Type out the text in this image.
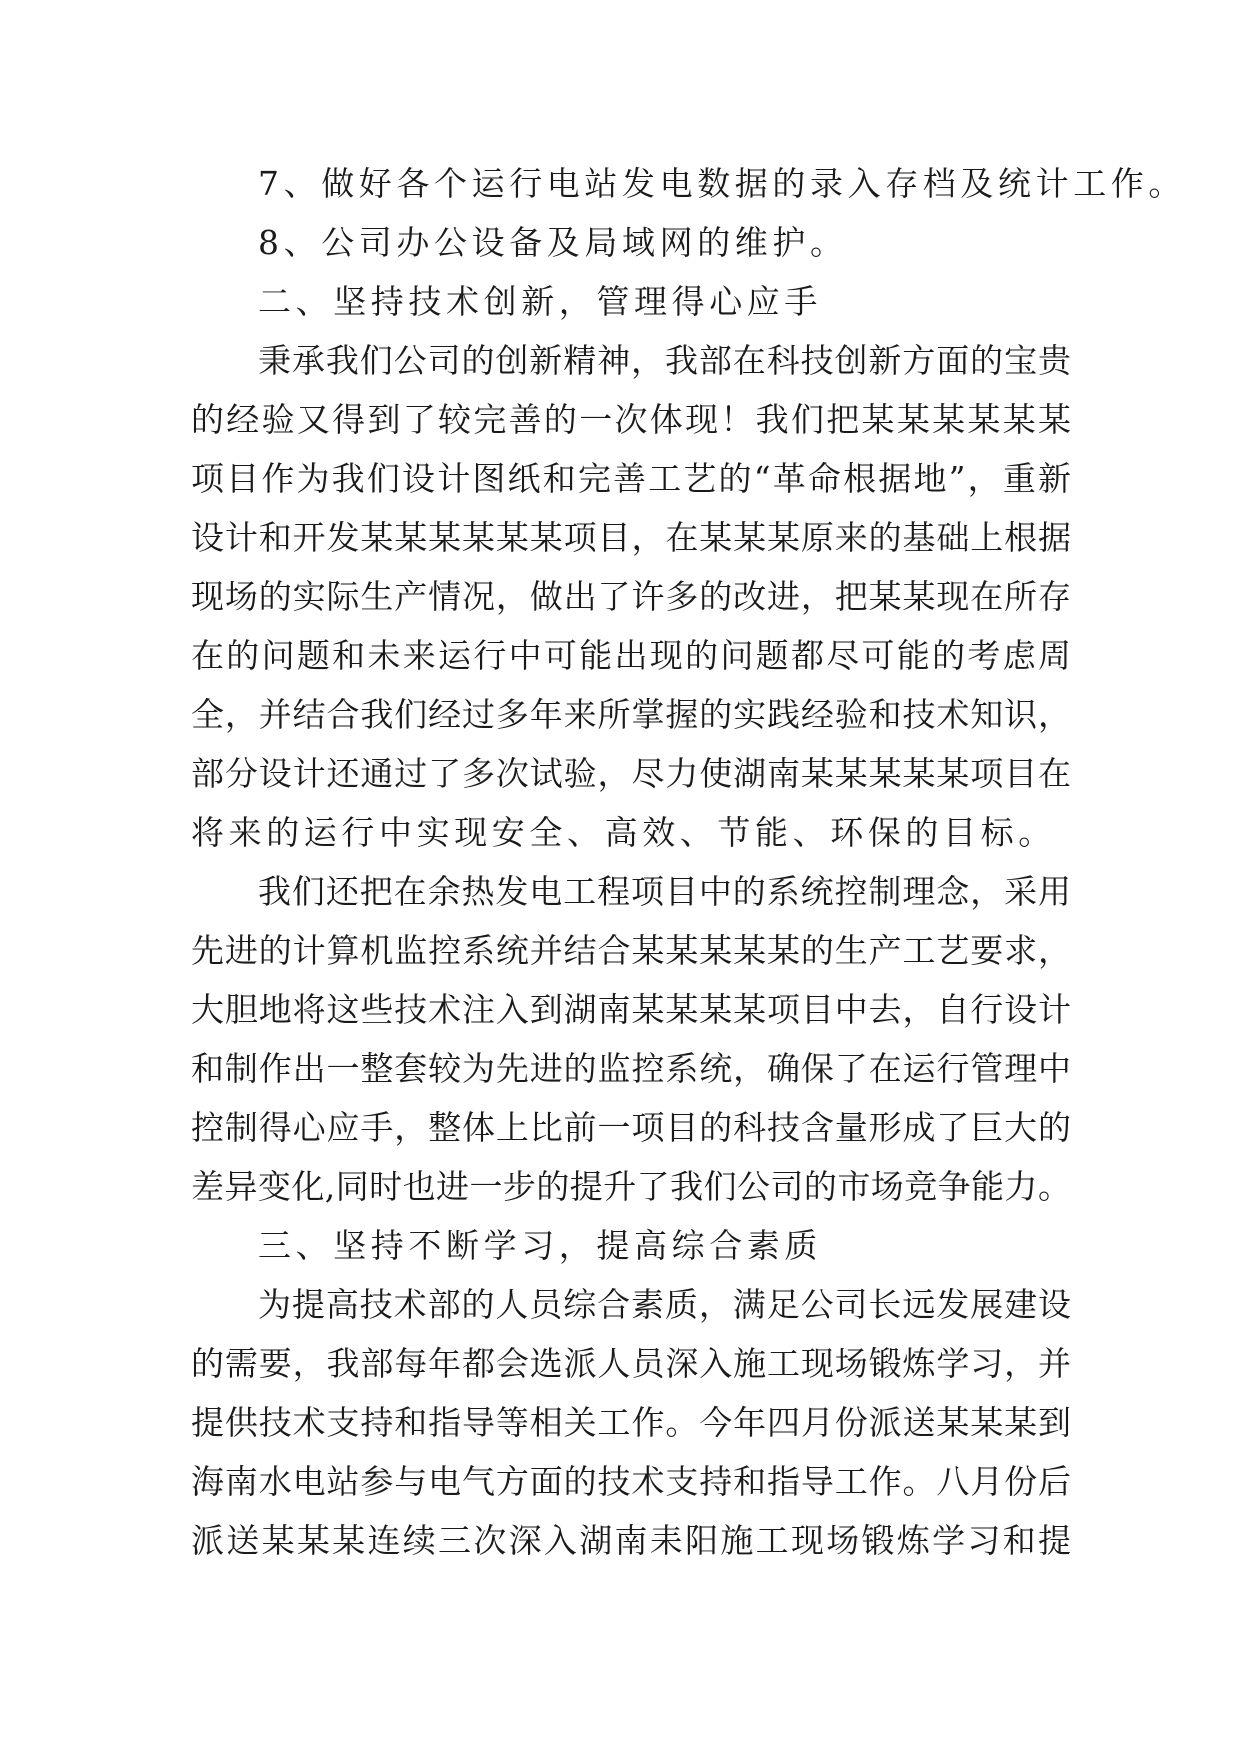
7、做好各个运行电站发电数据的录入存档及统计工作。
8、公司办公设备及局域网的维护。
二、坚持技术创新，管理得心应手
秉承我们公司的创新精神，我部在科技创新方面的宝贵
的经验又得到了较完善的一次体现！我们把某某某某某某
项目作为我们设计图纸和完善工艺的“革命根据地”，重新
设计和开发某某某某某某项目，在某某某原来的基础上根据
现场的实际生产情况，做出了许多的改进，把某某现在所存
在的问题和未来运行中可能出现的问题都尽可能的考虑周
全，并结合我们经过多年来所掌握的实践经验和技术知识，
部分设计还通过了多次试验，尽力使湖南某某某某某项目在
将来的运行中实现安全、高效、节能、环保的目标。
我们还把在余热发电工程项目中的系统控制理念，采用
先进的计算机监控系统并结合某某某某某的生产工艺要求，
大胆地将这些技术注入到湖南某某某某项目中去，自行设计
和制作出一整套较为先进的监控系统，确保了在运行管理中
控制得心应手，整体上比前一项目的科技含量形成了巨大的
差异变化,同时也进一步的提升了我们公司的市场竞争能力。
三、坚持不断学习，提高综合素质
为提高技术部的人员综合素质，满足公司长远发展建设
的需要，我部每年都会选派人员深入施工现场锻炼学习，并
提供技术支持和指导等相关工作。今年四月份派送某某某到
海南水电站参与电气方面的技术支持和指导工作。八月份后
派送某某某连续三次深入湖南耒阳施工现场锻炼学习和提
